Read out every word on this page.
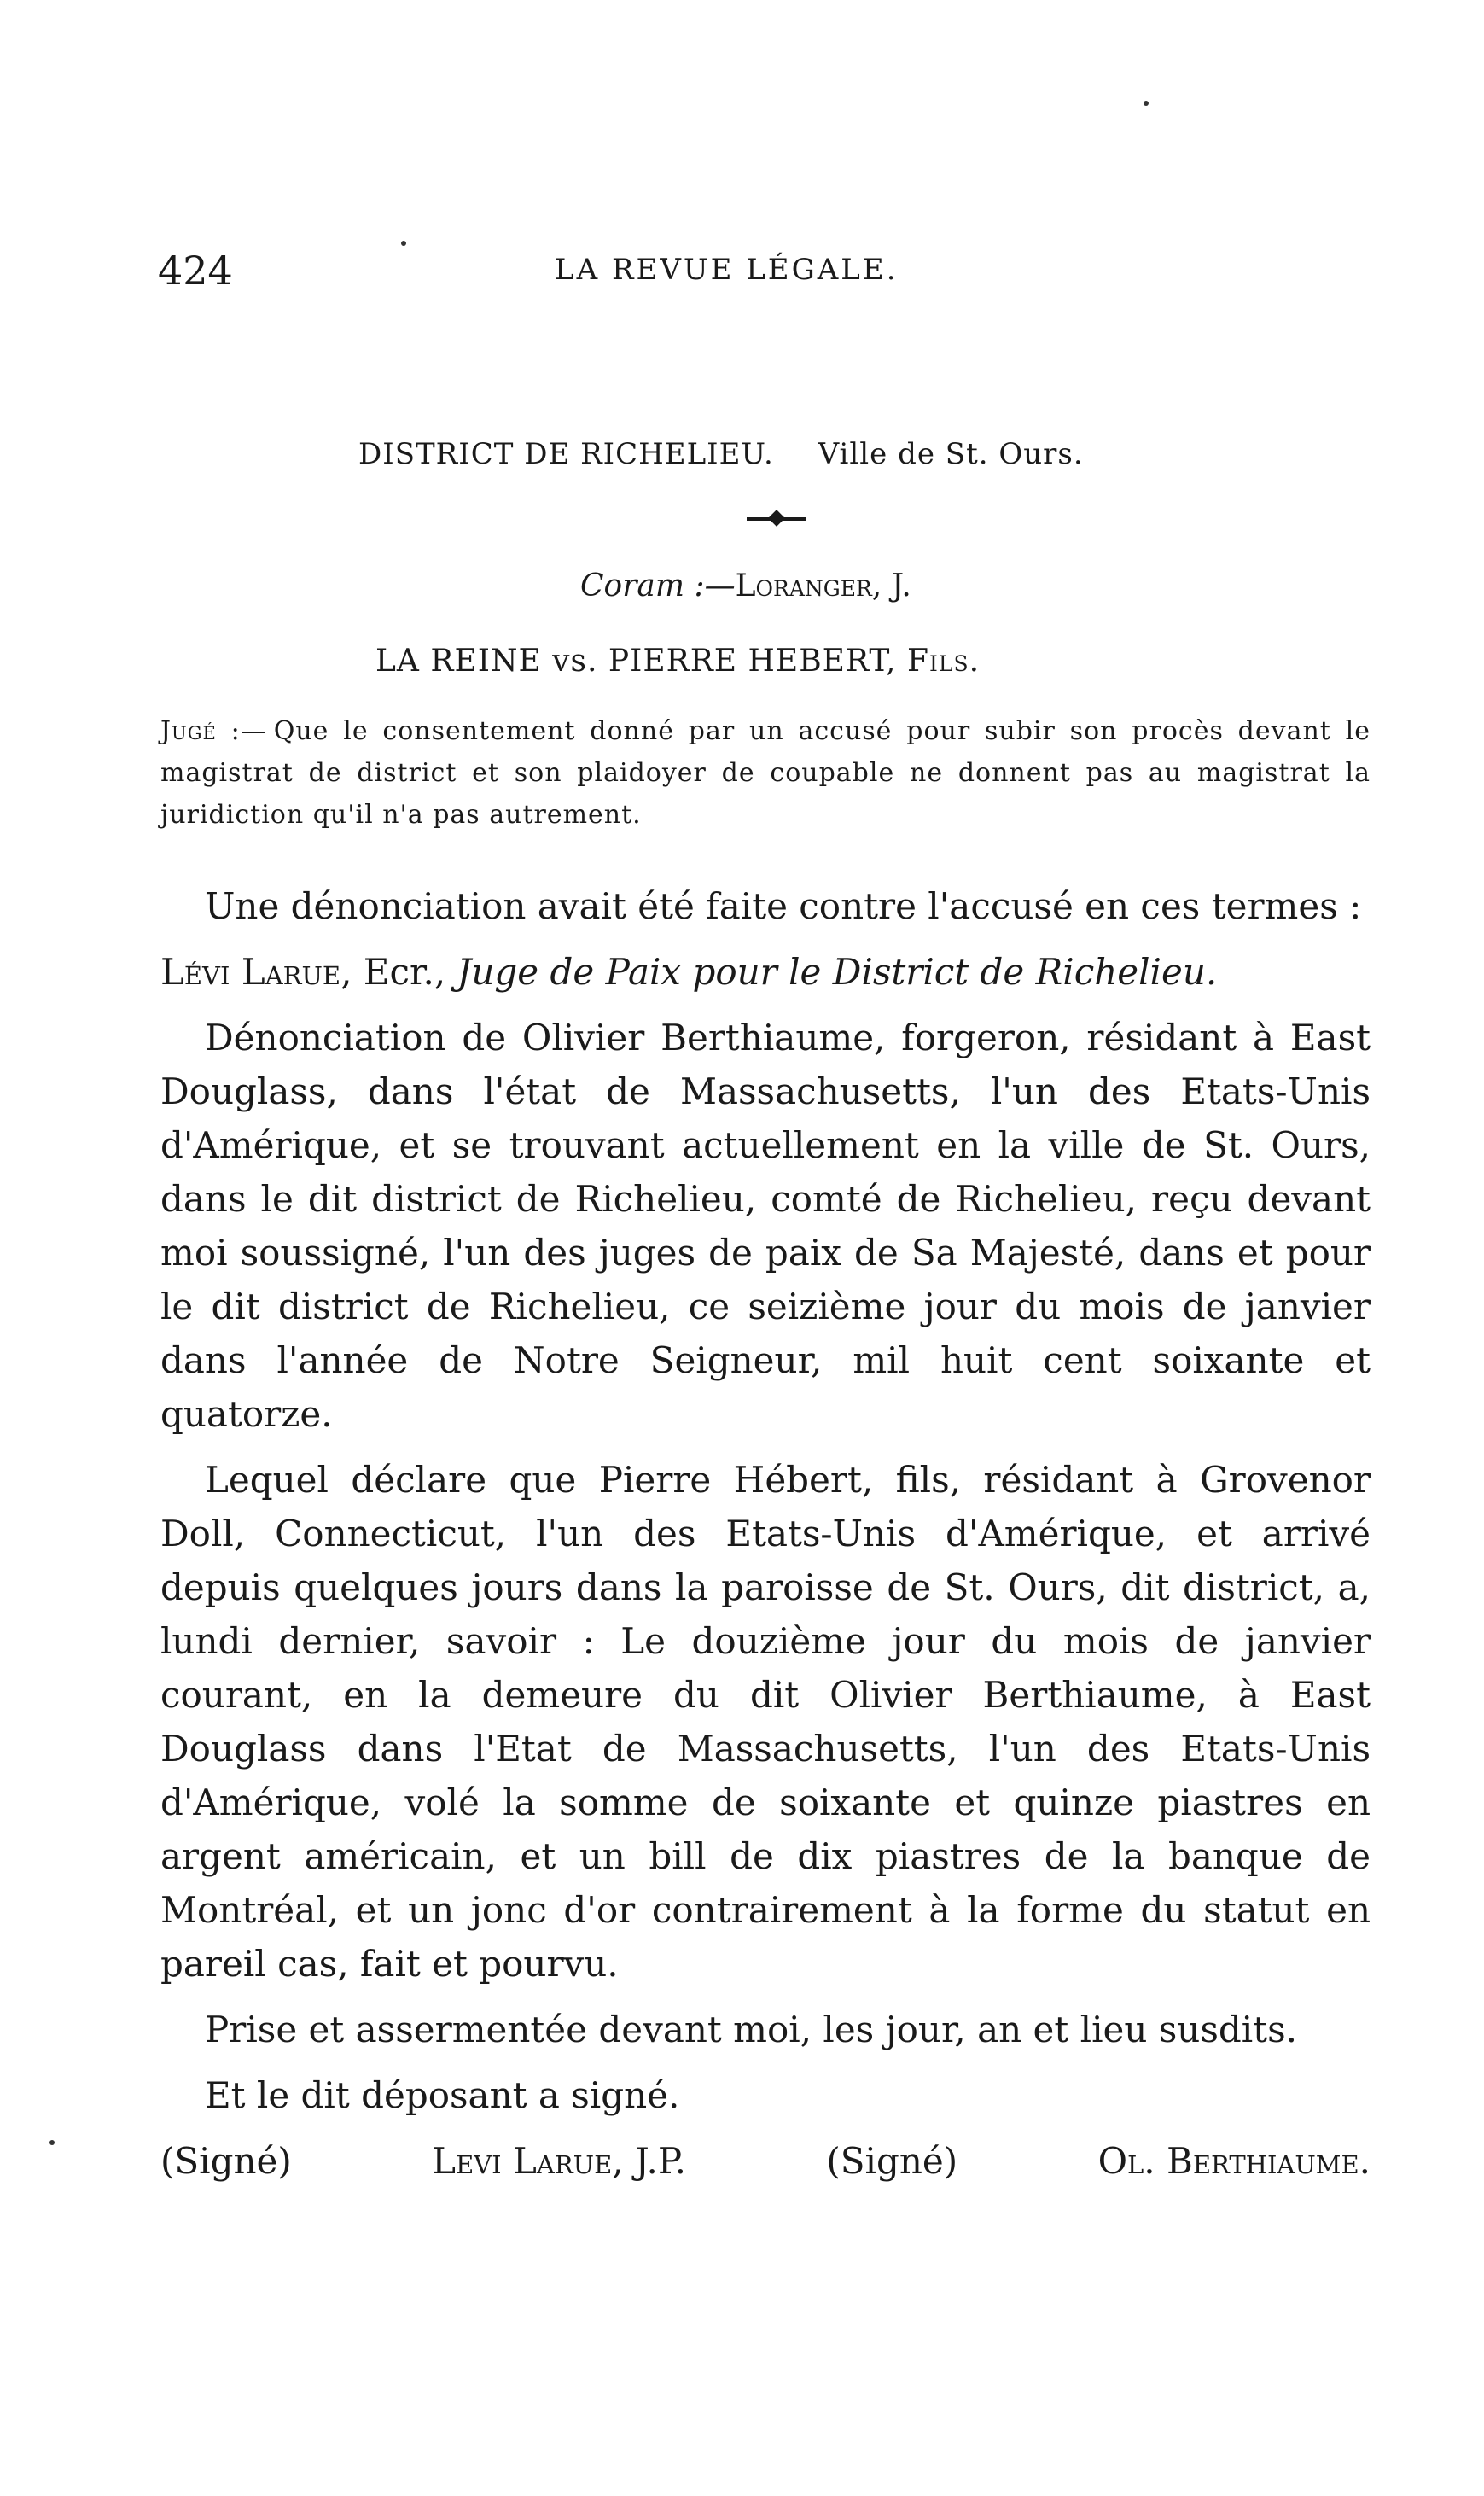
424	LA REVUE LÉGALE.
DISTRICT DE RICHELIEU. Ville de St. Ours.
Coram :—Loranger, J.
LA REINE vs. PIERRE HEBERT, Fils.
Jugé :— Que le consentement donné par un accusé pour subir son procès devant le magistrat de district et son plaidoyer de coupable ne donnent pas au magistrat la juridiction qu'il n'a pas autrement.

Une dénonciation avait été faite contre l'accusé en ces termes :

Lévi Larue, Ecr., Juge de Paix pour le District de Richelieu.

Dénonciation de Olivier Berthiaume, forgeron, résidant à East Douglass, dans l'état de Massachusetts, l'un des Etats-Unis d'Amérique, et se trouvant actuellement en la ville de St. Ours, dans le dit district de Richelieu, comté de Richelieu, reçu devant moi soussigné, l'un des juges de paix de Sa Majesté, dans et pour le dit district de Richelieu, ce seizième jour du mois de janvier dans l'année de Notre Seigneur, mil huit cent soixante et quatorze.

Lequel déclare que Pierre Hébert, fils, résidant à Grovenor Doll, Connecticut, l'un des Etats-Unis d'Amérique, et arrivé depuis quelques jours dans la paroisse de St. Ours, dit district, a, lundi dernier, savoir : Le douzième jour du mois de janvier courant, en la demeure du dit Olivier Berthiaume, à East Douglass dans l'Etat de Massachusetts, l'un des Etats-Unis d'Amérique, volé la somme de soixante et quinze piastres en argent américain, et un bill de dix piastres de la banque de Montréal, et un jonc d'or contrairement à la forme du statut en pareil cas, fait et pourvu.

Prise et assermentée devant moi, les jour, an et lieu susdits.

Et le dit déposant a signé.

(Signé)	Levi Larue, J.P.	(Signé)	Ol. Berthiaume.
